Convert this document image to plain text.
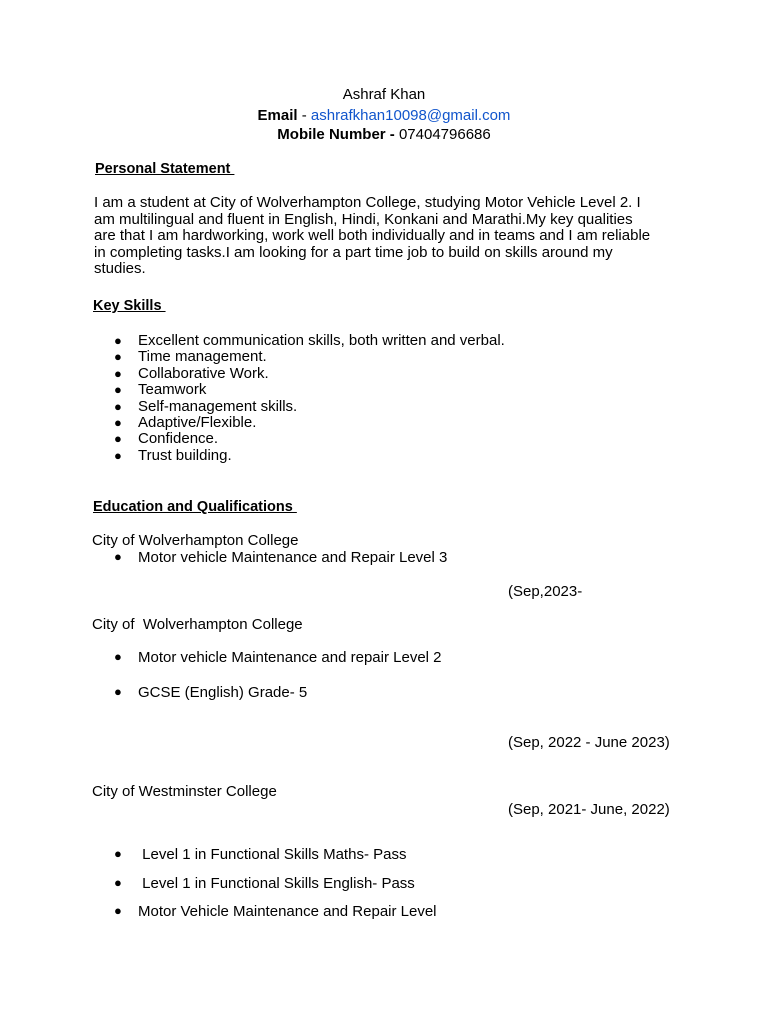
Ashraf Khan
Email - ashrafkhan10098@gmail.com
Mobile Number - 07404796686
Personal Statement
I am a student at City of Wolverhampton College, studying Motor Vehicle Level 2. I
am multilingual and fluent in English, Hindi, Konkani and Marathi.My key qualities
are that I am hardworking, work well both individually and in teams and I am reliable
in completing tasks.I am looking for a part time job to build on skills around my
studies.
Key Skills
● Excellent communication skills, both written and verbal.
● Time management.
● Collaborative Work.
● Teamwork
● Self-management skills.
● Adaptive/Flexible.
● Confidence.
● Trust building.
Education and Qualifications
City of Wolverhampton College
● Motor vehicle Maintenance and Repair Level 3
(Sep,2023-
City of  Wolverhampton College
● Motor vehicle Maintenance and repair Level 2
● GCSE (English) Grade- 5
(Sep, 2022 - June 2023)
City of Westminster College
(Sep, 2021- June, 2022)
● Level 1 in Functional Skills Maths- Pass
● Level 1 in Functional Skills English- Pass
● Motor Vehicle Maintenance and Repair Level
